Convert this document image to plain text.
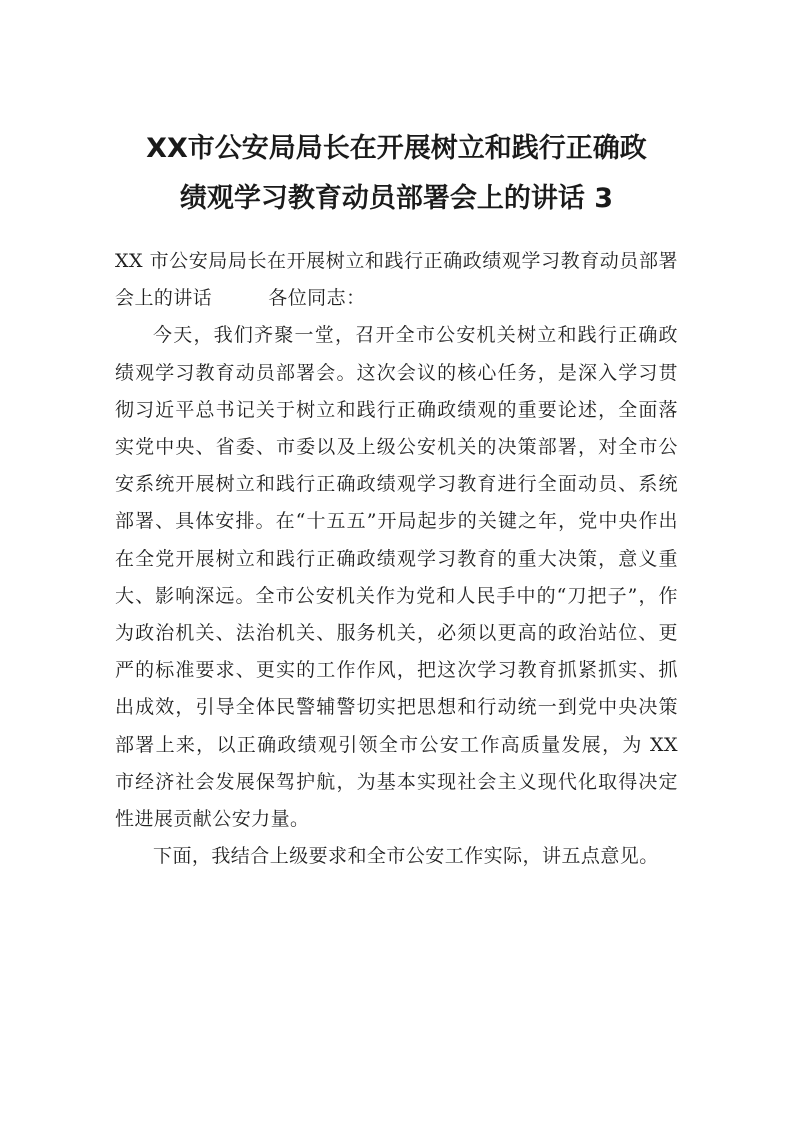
XX市公安局局长在开展树立和践行正确政
绩观学习教育动员部署会上的讲话 3

XX 市公安局局长在开展树立和践行正确政绩观学习教育动员部署会上的讲话	各位同志：

今天，我们齐聚一堂，召开全市公安机关树立和践行正确政绩观学习教育动员部署会。这次会议的核心任务，是深入学习贯彻习近平总书记关于树立和践行正确政绩观的重要论述，全面落实党中央、省委、市委以及上级公安机关的决策部署，对全市公安系统开展树立和践行正确政绩观学习教育进行全面动员、系统部署、具体安排。在“十五五”开局起步的关键之年，党中央作出在全党开展树立和践行正确政绩观学习教育的重大决策，意义重大、影响深远。全市公安机关作为党和人民手中的“刀把子”，作为政治机关、法治机关、服务机关，必须以更高的政治站位、更严的标准要求、更实的工作作风，把这次学习教育抓紧抓实、抓出成效，引导全体民警辅警切实把思想和行动统一到党中央决策部署上来，以正确政绩观引领全市公安工作高质量发展，为 XX 市经济社会发展保驾护航，为基本实现社会主义现代化取得决定性进展贡献公安力量。

下面，我结合上级要求和全市公安工作实际，讲五点意见。
